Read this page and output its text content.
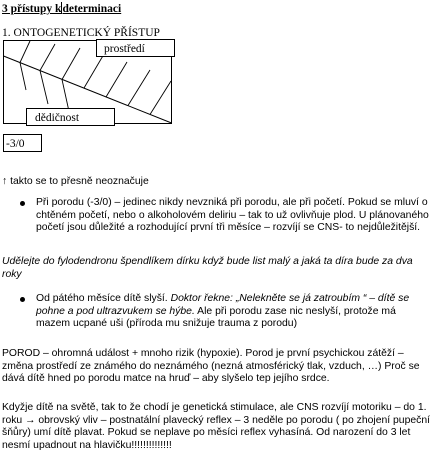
3 přístupy kdeterminaci
1. ONTOGENETICKÝ PŘÍSTUP
prostředí
dědičnost
-3/0
↑ takto se to přesně neoznačuje
Při porodu (-3/0) – jedinec nikdy nevzniká při porodu, ale při početí. Pokud se mluví o chtěném početí, nebo o alkoholovém deliriu – tak to už ovlivňuje plod. U plánovaného početí jsou důležité a rozhodující první tři měsíce – rozvíjí se CNS- to nejdůležitější.
Udělejte do fylodendronu špendlíkem dírku když bude list malý a jaká ta díra bude za dva roky
Od pátého měsíce dítě slyší. Doktor řekne: „Nelekněte se já zatroubím “ – dítě se pohne a pod ultrazvukem se hýbe. Ale při porodu zase nic neslyší, protože má mazem ucpané uši (příroda mu snižuje trauma z porodu)
POROD – ohromná událost + mnoho rizik (hypoxie). Porod je první psychickou zátěží – změna prostředí ze známého do neznámého (nezná atmosférický tlak, vzduch, …) Proč se dává dítě hned po porodu matce na hruď – aby slyšelo tep jejího srdce.
Kdyžje dítě na světě, tak to že chodí je genetická stimulace, ale CNS rozvíjí motoriku – do 1. roku → obrovský vliv – postnatální plavecký reflex – 3 neděle po porodu ( po zhojení pupeční šňůry) umí dítě plavat. Pokud se neplave po měsíci reflex vyhasíná. Od narození do 3 let nesmí upadnout na hlavičku!!!!!!!!!!!!!!
